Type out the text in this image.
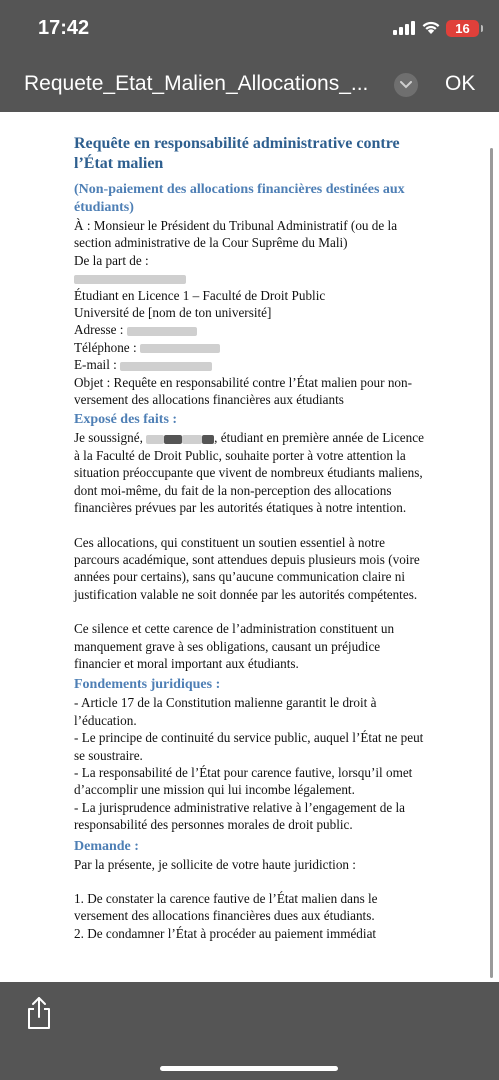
17:42	16
Requete_Etat_Malien_Allocations_...	OK
Requête en responsabilité administrative contre l’État malien
(Non-paiement des allocations financières destinées aux étudiants)

À : Monsieur le Président du Tribunal Administratif (ou de la section administrative de la Cour Suprême du Mali)

De la part de :

Étudiant en Licence 1 – Faculté de Droit Public

Université de [nom de ton université]

Adresse :

Téléphone :

E-mail :

Objet : Requête en responsabilité contre l’État malien pour non-versement des allocations financières aux étudiants

Exposé des faits :

Je soussigné,	, étudiant en première année de Licence à la Faculté de Droit Public, souhaite porter à votre attention la situation préoccupante que vivent de nombreux étudiants maliens, dont moi-même, du fait de la non-perception des allocations financières prévues par les autorités étatiques à notre intention.

Ces allocations, qui constituent un soutien essentiel à notre parcours académique, sont attendues depuis plusieurs mois (voire années pour certains), sans qu’aucune communication claire ni justification valable ne soit donnée par les autorités compétentes.

Ce silence et cette carence de l’administration constituent un manquement grave à ses obligations, causant un préjudice financier et moral important aux étudiants.

Fondements juridiques :

- Article 17 de la Constitution malienne garantit le droit à l’éducation.

- Le principe de continuité du service public, auquel l’État ne peut se soustraire.

- La responsabilité de l’État pour carence fautive, lorsqu’il omet d’accomplir une mission qui lui incombe légalement.

- La jurisprudence administrative relative à l’engagement de la responsabilité des personnes morales de droit public.

Demande :

Par la présente, je sollicite de votre haute juridiction :

1. De constater la carence fautive de l’État malien dans le versement des allocations financières dues aux étudiants.

2. De condamner l’État à procéder au paiement immédiat
